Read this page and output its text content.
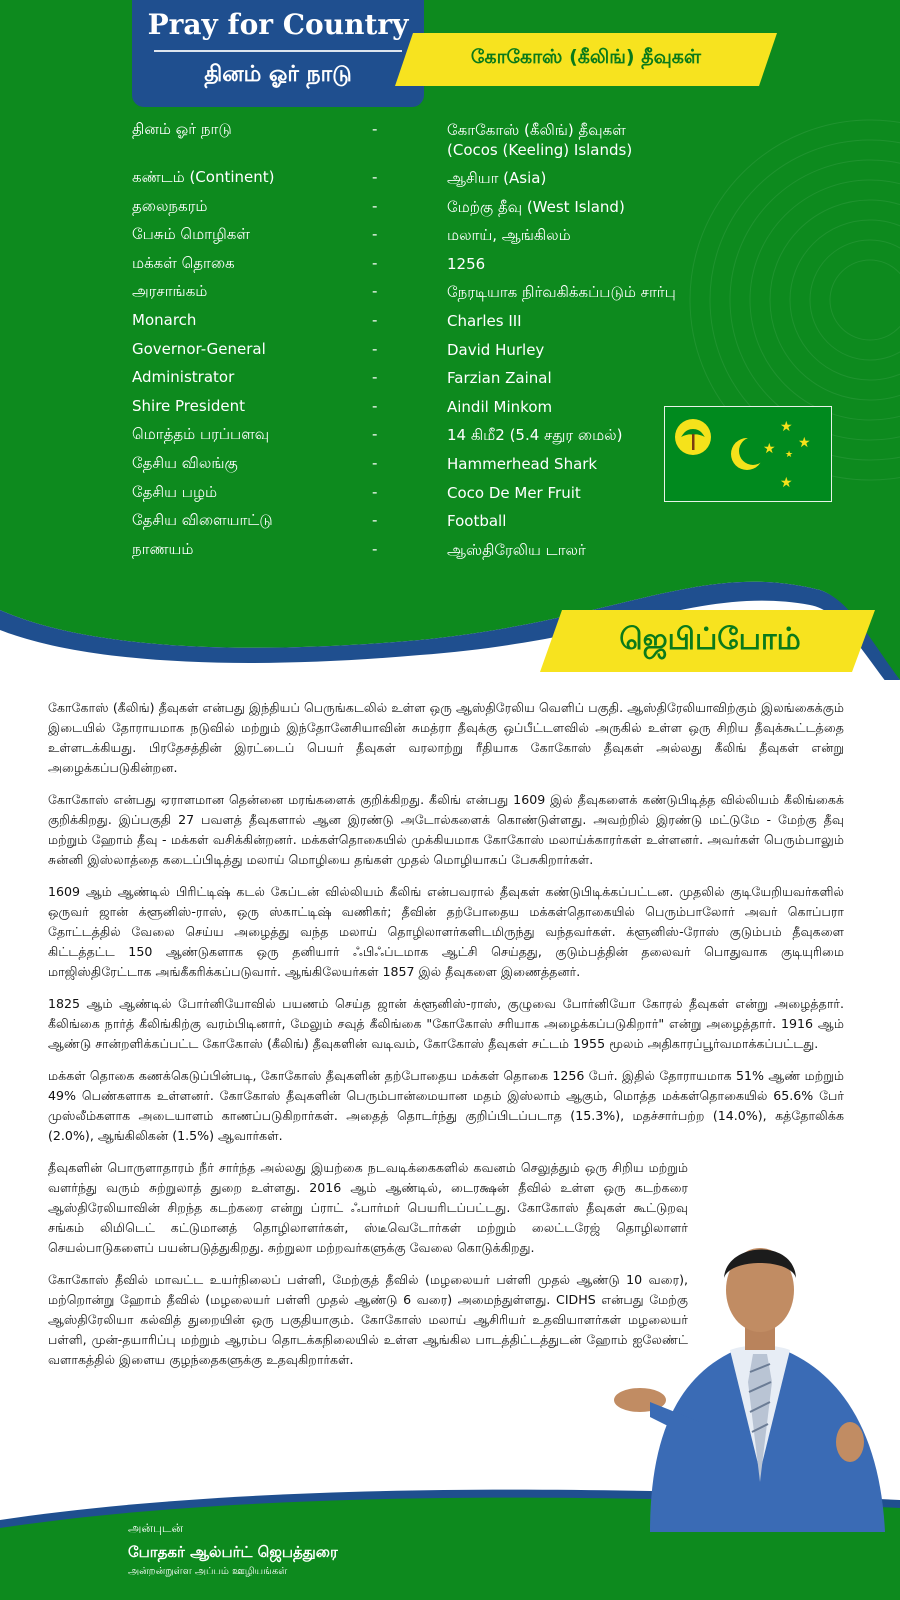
Pray for Country
தினம் ஓர் நாடு
கோகோஸ் (கீலிங்) தீவுகள்
தினம் ஓர் நாடு	-	கோகோஸ் (கீலிங்) தீவுகள்
(Cocos (Keeling) Islands)
கண்டம் (Continent)	-	ஆசியா (Asia)
தலைநகரம்	-	மேற்கு தீவு (West Island)
பேசும் மொழிகள்	-	மலாய், ஆங்கிலம்
மக்கள் தொகை	-	1256
அரசாங்கம்	-	நேரடியாக நிர்வகிக்கப்படும் சார்பு
Monarch	-	Charles III
Governor-General	-	David Hurley
Administrator	-	Farzian Zainal
Shire President	-	Aindil Minkom
மொத்தம் பரப்பளவு	-	14 கிமீ2 (5.4 சதுர மைல்)
தேசிய விலங்கு	-	Hammerhead Shark
தேசிய பழம்	-	Coco De Mer Fruit
தேசிய விளையாட்டு	-	Football
நாணயம்	-	ஆஸ்திரேலிய டாலர்
★
★
★
★
★
ஜெபிப்போம்

கோகோஸ் (கீலிங்) தீவுகள் என்பது இந்தியப் பெருங்கடலில் உள்ள ஒரு ஆஸ்திரேலிய வெளிப் பகுதி. ஆஸ்திரேலியாவிற்கும் இலங்கைக்கும் இடையில் தோராயமாக நடுவில் மற்றும் இந்தோனேசியாவின் சுமத்ரா தீவுக்கு ஒப்பீட்டளவில் அருகில் உள்ள ஒரு சிறிய தீவுக்கூட்டத்தை உள்ளடக்கியது. பிரதேசத்தின் இரட்டைப் பெயர் தீவுகள் வரலாற்று ரீதியாக கோகோஸ் தீவுகள் அல்லது கீலிங் தீவுகள் என்று அழைக்கப்படுகின்றன.

கோகோஸ் என்பது ஏராளமான தென்னை மரங்களைக் குறிக்கிறது. கீலிங் என்பது 1609 இல் தீவுகளைக் கண்டுபிடித்த வில்லியம் கீலிங்கைக் குறிக்கிறது. இப்பகுதி 27 பவளத் தீவுகளால் ஆன இரண்டு அடோல்களைக் கொண்டுள்ளது. அவற்றில் இரண்டு மட்டுமே - மேற்கு தீவு மற்றும் ஹோம் தீவு - மக்கள் வசிக்கின்றனர். மக்கள்தொகையில் முக்கியமாக கோகோஸ் மலாய்க்காரர்கள் உள்ளனர். அவர்கள் பெரும்பாலும் சுன்னி இஸ்லாத்தை கடைப்பிடித்து மலாய் மொழியை தங்கள் முதல் மொழியாகப் பேசுகிறார்கள்.

1609 ஆம் ஆண்டில் பிரிட்டிஷ் கடல் கேப்டன் வில்லியம் கீலிங் என்பவரால் தீவுகள் கண்டுபிடிக்கப்பட்டன. முதலில் குடியேறியவர்களில் ஒருவர் ஜான் க்ளூனிஸ்-ராஸ், ஒரு ஸ்காட்டிஷ் வணிகர்; தீவின் தற்போதைய மக்கள்தொகையில் பெரும்பாலோர் அவர் கொப்பரா தோட்டத்தில் வேலை செய்ய அழைத்து வந்த மலாய் தொழிலாளர்களிடமிருந்து வந்தவர்கள். க்ளூனிஸ்-ரோஸ் குடும்பம் தீவுகளை கிட்டத்தட்ட 150 ஆண்டுகளாக ஒரு தனியார் ஃபிஃப்டமாக ஆட்சி செய்தது, குடும்பத்தின் தலைவர் பொதுவாக குடியுரிமை மாஜிஸ்திரேட்டாக அங்கீகரிக்கப்படுவார். ஆங்கிலேயர்கள் 1857 இல் தீவுகளை இணைத்தனர்.

1825 ஆம் ஆண்டில் போர்னியோவில் பயணம் செய்த ஜான் க்ளூனிஸ்-ராஸ், குழுவை போர்னியோ கோரல் தீவுகள் என்று அழைத்தார். கீலிங்கை நார்த் கீலிங்கிற்கு வரம்பிடினார், மேலும் சவுத் கீலிங்கை "கோகோஸ் சரியாக அழைக்கப்படுகிறார்" என்று அழைத்தார். 1916 ஆம் ஆண்டு சான்றளிக்கப்பட்ட கோகோஸ் (கீலிங்) தீவுகளின் வடிவம், கோகோஸ் தீவுகள் சட்டம் 1955 மூலம் அதிகாரப்பூர்வமாக்கப்பட்டது.

மக்கள் தொகை கணக்கெடுப்பின்படி, கோகோஸ் தீவுகளின் தற்போதைய மக்கள் தொகை 1256 பேர். இதில் தோராயமாக 51% ஆண் மற்றும் 49% பெண்களாக உள்ளனர். கோகோஸ் தீவுகளின் பெரும்பான்மையான மதம் இஸ்லாம் ஆகும், மொத்த மக்கள்தொகையில் 65.6% பேர் முஸ்லீம்களாக அடையாளம் காணப்படுகிறார்கள். அதைத் தொடர்ந்து குறிப்பிடப்படாத (15.3%), மதச்சார்பற்ற (14.0%), கத்தோலிக்க (2.0%), ஆங்கிலிகன் (1.5%) ஆவார்கள்.

தீவுகளின் பொருளாதாரம் நீர் சார்ந்த அல்லது இயற்கை நடவடிக்கைகளில் கவனம் செலுத்தும் ஒரு சிறிய மற்றும் வளர்ந்து வரும் சுற்றுலாத் துறை உள்ளது. 2016 ஆம் ஆண்டில், டைரக்ஷன் தீவில் உள்ள ஒரு கடற்கரை ஆஸ்திரேலியாவின் சிறந்த கடற்கரை என்று ப்ராட் ஃபார்மர் பெயரிடப்பட்டது. கோகோஸ் தீவுகள் கூட்டுறவு சங்கம் லிமிடெட் கட்டுமானத் தொழிலாளர்கள், ஸ்டீவெடோர்கள் மற்றும் லைட்டரேஜ் தொழிலாளர் செயல்பாடுகளைப் பயன்படுத்துகிறது. சுற்றுலா மற்றவர்களுக்கு வேலை கொடுக்கிறது.

கோகோஸ் தீவில் மாவட்ட உயர்நிலைப் பள்ளி, மேற்குத் தீவில் (மழலையர் பள்ளி முதல் ஆண்டு 10 வரை), மற்றொன்று ஹோம் தீவில் (மழலையர் பள்ளி முதல் ஆண்டு 6 வரை) அமைந்துள்ளது. CIDHS என்பது மேற்கு ஆஸ்திரேலியா கல்வித் துறையின் ஒரு பகுதியாகும். கோகோஸ் மலாய் ஆசிரியர் உதவியாளர்கள் மழலையர் பள்ளி, முன்-தயாரிப்பு மற்றும் ஆரம்ப தொடக்கநிலையில் உள்ள ஆங்கில பாடத்திட்டத்துடன் ஹோம் ஐலேண்ட் வளாகத்தில் இளைய குழந்தைகளுக்கு உதவுகிறார்கள்.

அன்புடன்
போதகர் ஆல்பர்ட் ஜெபத்துரை
அன்றன்றுள்ள அப்பம் ஊழியங்கள்
